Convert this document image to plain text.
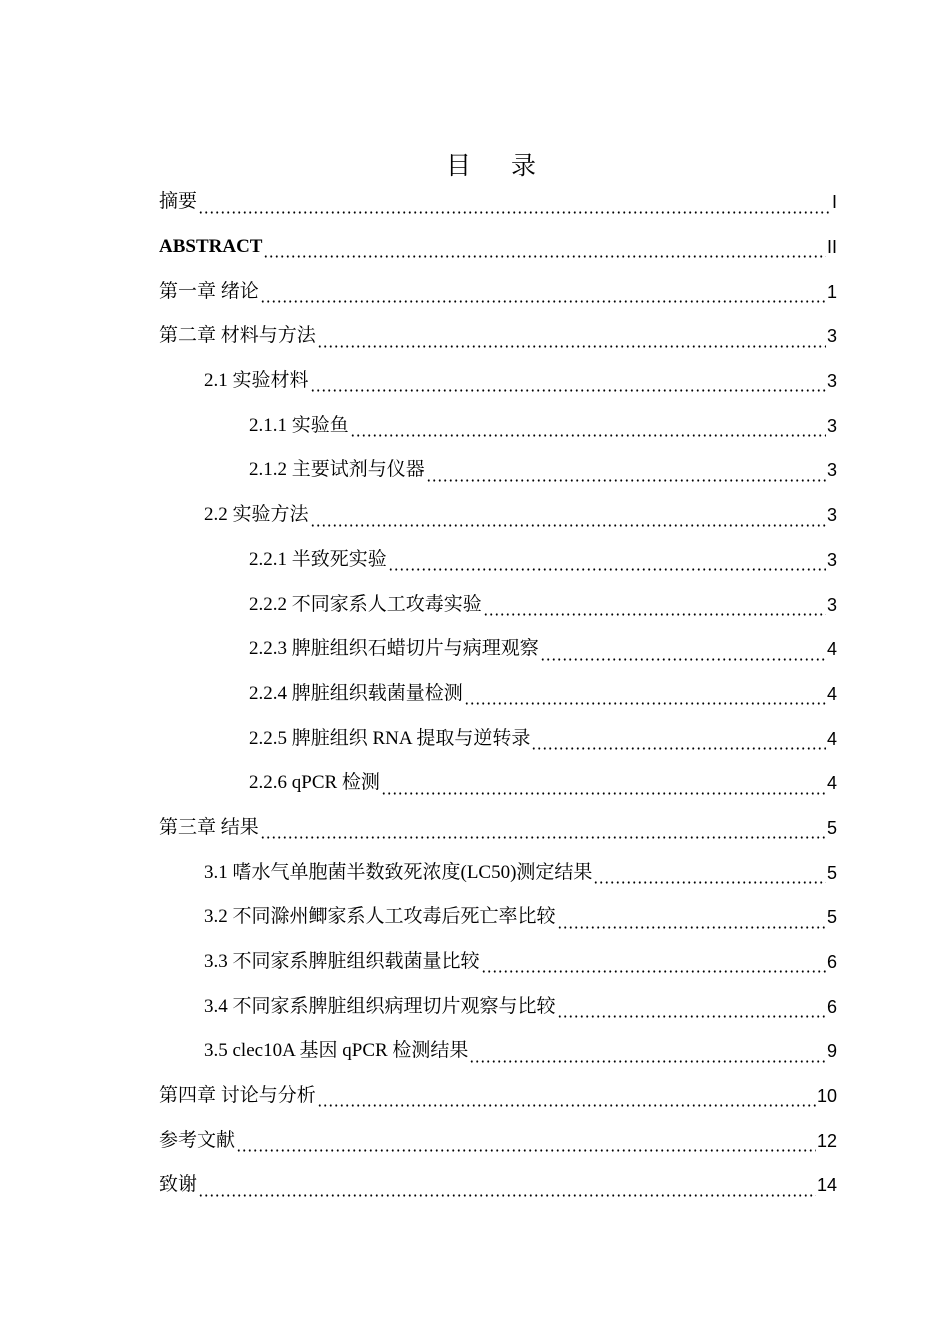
目 录
摘要	I
ABSTRACT	II
第一章 绪论	1
第二章 材料与方法	3
2.1 实验材料	3
2.1.1 实验鱼	3
2.1.2 主要试剂与仪器	3
2.2 实验方法	3
2.2.1 半致死实验	3
2.2.2 不同家系人工攻毒实验	3
2.2.3 脾脏组织石蜡切片与病理观察	4
2.2.4 脾脏组织载菌量检测	4
2.2.5 脾脏组织 RNA 提取与逆转录	4
2.2.6 qPCR 检测	4
第三章 结果	5
3.1 嗜水气单胞菌半数致死浓度(LC50)测定结果	5
3.2 不同滁州鲫家系人工攻毒后死亡率比较	5
3.3 不同家系脾脏组织载菌量比较	6
3.4 不同家系脾脏组织病理切片观察与比较	6
3.5 clec10A 基因 qPCR 检测结果	9
第四章 讨论与分析	10
参考文献	12
致谢	14
